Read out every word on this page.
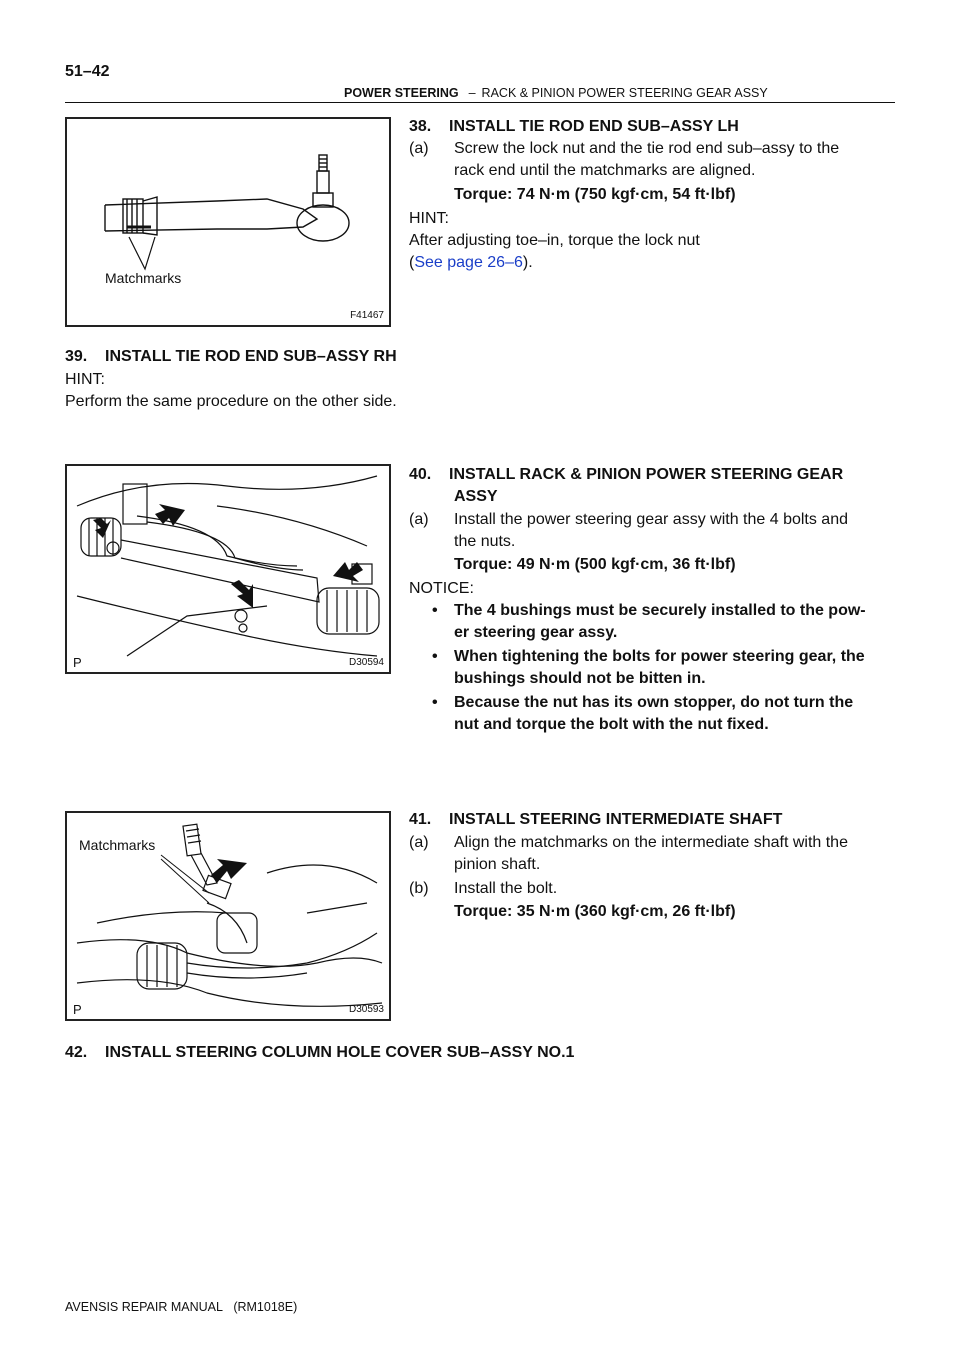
51–42
POWER STEERING – RACK & PINION POWER STEERING GEAR ASSY
Matchmarks
F41467
P	D30594
Matchmarks
P	D30593
38.    INSTALL TIE ROD END SUB–ASSY LH
(a) Screw the lock nut and the tie rod end sub–assy to the
rack end until the matchmarks are aligned.
Torque: 74 N·m (750 kgf·cm, 54 ft·lbf)
HINT:
After adjusting toe–in, torque the lock nut
(See page 26–6).
39.    INSTALL TIE ROD END SUB–ASSY RH
HINT:
Perform the same procedure on the other side.
40.    INSTALL RACK & PINION POWER STEERING GEAR
ASSY
(a) Install the power steering gear assy with the 4 bolts and
the nuts.
Torque: 49 N·m (500 kgf·cm, 36 ft·lbf)
NOTICE:
• The 4 bushings must be securely installed to the pow-
er steering gear assy.
• When tightening the bolts for power steering gear, the
bushings should not be bitten in.
• Because the nut has its own stopper, do not turn the
nut and torque the bolt with the nut fixed.
41.    INSTALL STEERING INTERMEDIATE SHAFT
(a) Align the matchmarks on the intermediate shaft with the
pinion shaft.
(b) Install the bolt.
Torque: 35 N·m (360 kgf·cm, 26 ft·lbf)
42.    INSTALL STEERING COLUMN HOLE COVER SUB–ASSY NO.1
AVENSIS REPAIR MANUAL   (RM1018E)
